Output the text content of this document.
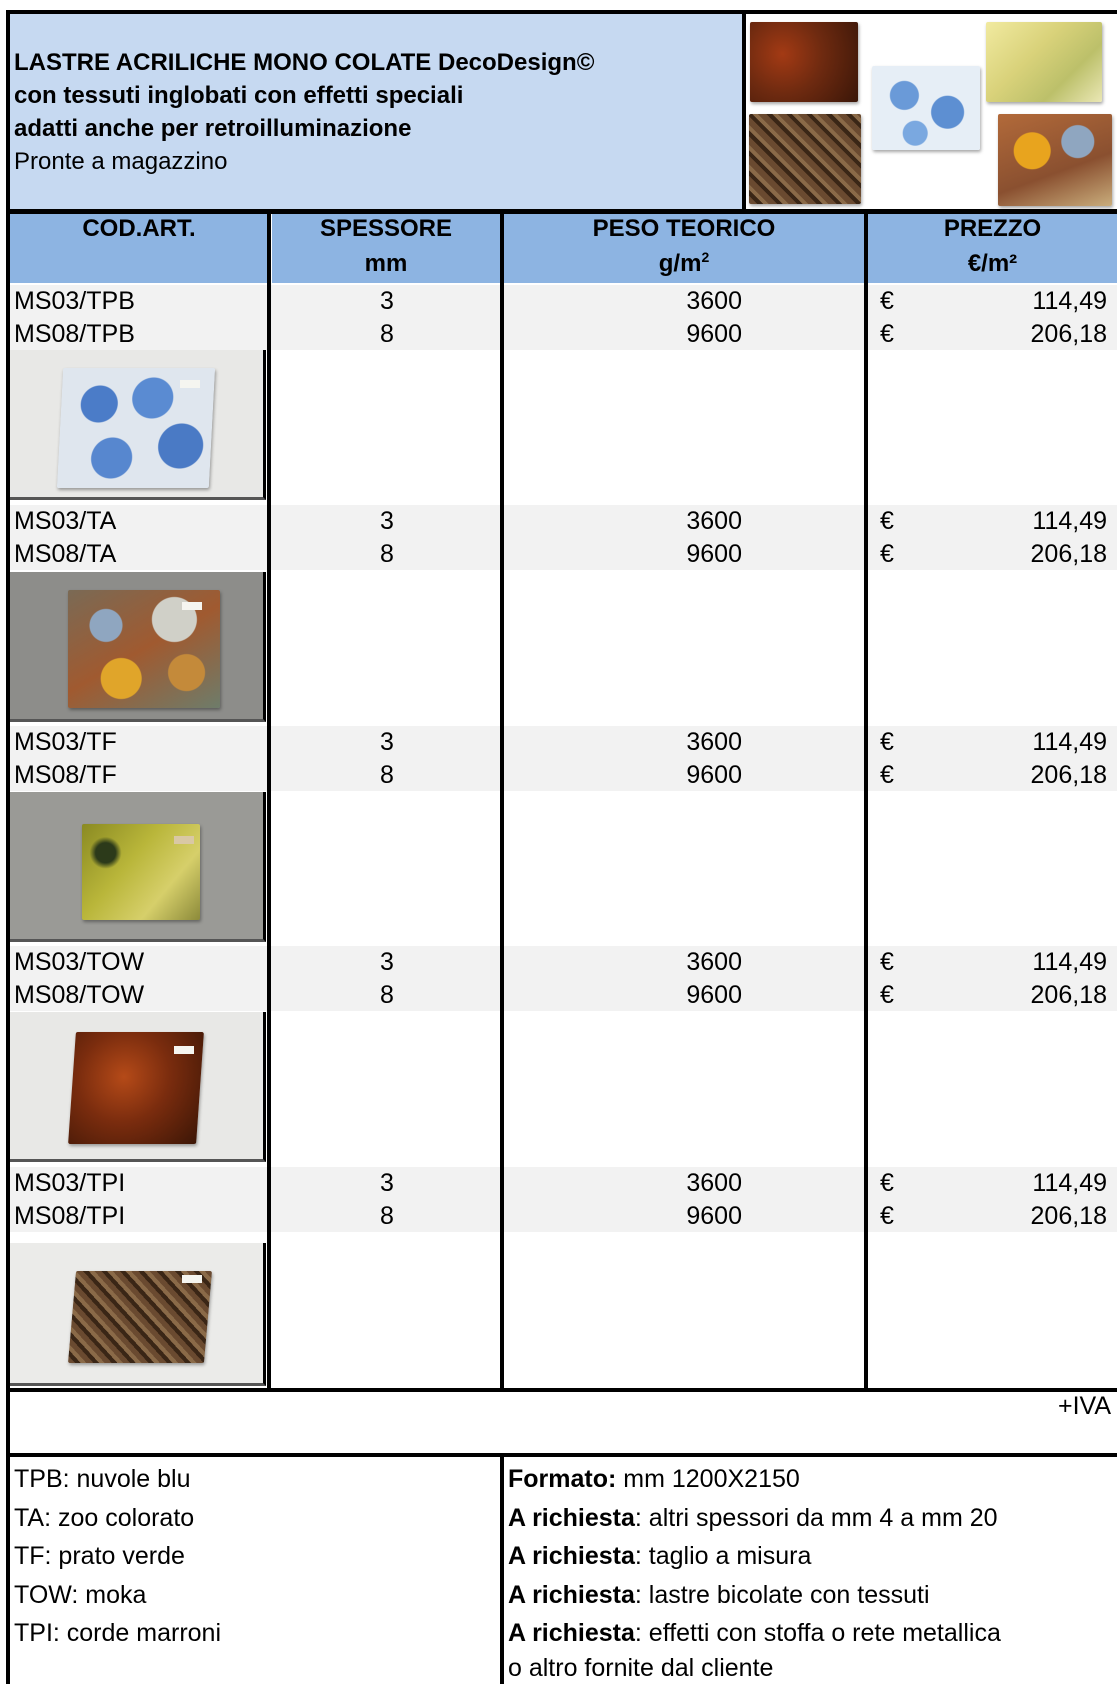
LASTRE ACRILICHE MONO COLATE DecoDesign©
con tessuti inglobati con effetti speciali
adatti anche per retroilluminazione
Pronte a magazzino
COD.ART.	SPESSORE
mm
PESO TEORICO
$g/m^2$
PREZZO
€/m²
MS03/TPB
MS08/TPB
3
8
3600
9600
€
€
114,49
206,18
MS03/TA
MS08/TA
3
8
3600
9600
€
€
114,49
206,18
MS03/TF
MS08/TF
3
8
3600
9600
€
€
114,49
206,18
MS03/TOW
MS08/TOW
3
8
3600
9600
€
€
114,49
206,18
MS03/TPI
MS08/TPI
3
8
3600
9600
€
€
114,49
206,18
+IVA
TPB: nuvole blu
TA: zoo colorato
TF: prato verde
TOW: moka
TPI: corde marroni
Formato: mm 1200X2150
A richiesta: altri spessori da mm 4 a mm 20
A richiesta: taglio a misura
A richiesta: lastre bicolate con tessuti
A richiesta: effetti con stoffa o rete metallica
o altro fornite dal cliente
